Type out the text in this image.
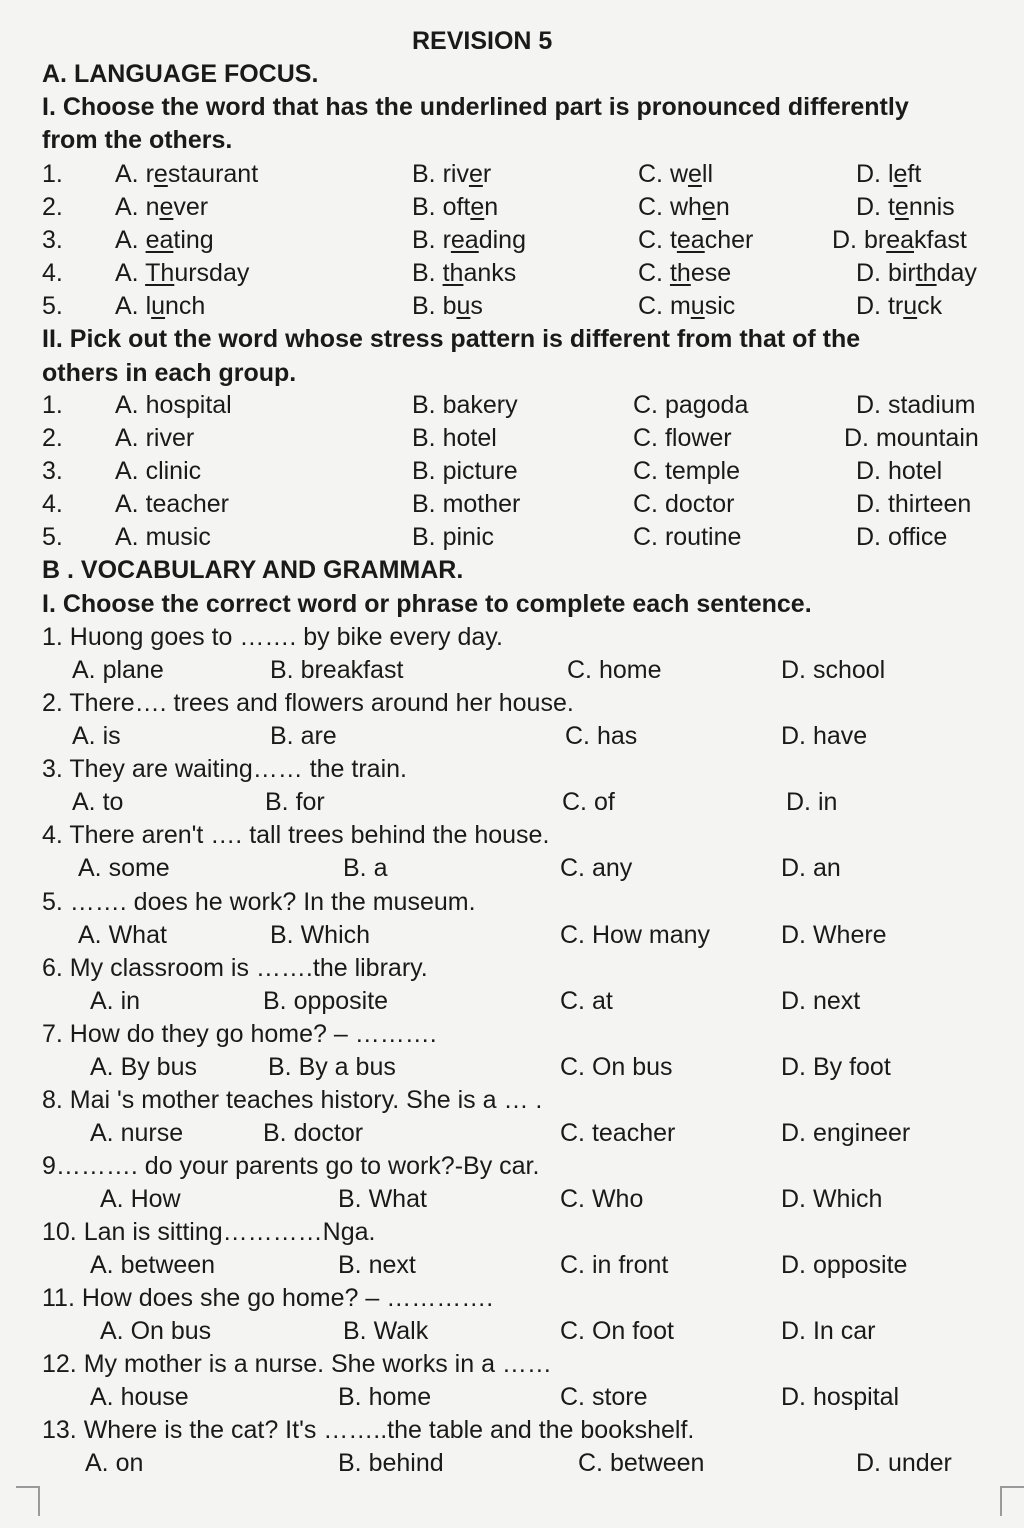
REVISION 5
A. LANGUAGE FOCUS.
I. Choose the word that has the underlined part is pronounced differently
from the others.
1. A. restaurant	B. river	C. well	D. left
2. A. never	B. often	C. when	D. tennis
3. A. eating	B. reading	C. teacher	D. breakfast
4. A. Thursday	B. thanks	C. these	D. birthday
5. A. lunch	B. bus	C. music	D. truck
II. Pick out the word whose stress pattern is different from that of the
others in each group.
1. A. hospital	B. bakery	C. pagoda	D. stadium
2. A. river	B. hotel	C. flower	D. mountain
3. A. clinic	B. picture	C. temple	D. hotel
4. A. teacher	B. mother	C. doctor	D. thirteen
5. A. music	B. pinic	C. routine	D. office
B . VOCABULARY AND GRAMMAR.
I. Choose the correct word or phrase to complete each sentence.
1. Huong goes to ……. by bike every day.
A. plane	B. breakfast	C. home	D. school
2. There…. trees and flowers around her house.
A. is	B. are	C. has	D. have
3. They are waiting…… the train.
A. to	B. for	C. of	D. in
4. There aren't …. tall trees behind the house.
A. some	B. a	C. any	D. an
5. ……. does he work? In the museum.
A. What	B. Which	C. How many	D. Where
6. My classroom is …….the library.
A. in	B. opposite	C. at	D. next
7. How do they go home? – ……….
A. By bus	B. By a bus	C. On bus	D. By foot
8. Mai 's mother teaches history. She is a … .
A. nurse	B. doctor	C. teacher	D. engineer
9………. do your parents go to work?-By car.
A. How	B. What	C. Who	D. Which
10. Lan is sitting…………Nga.
A. between	B. next	C. in front	D. opposite
11. How does she go home? – ………….
A. On bus	B. Walk	C. On foot	D. In car
12. My mother is a nurse. She works in a ……
A. house	B. home	C. store	D. hospital
13. Where is the cat? It's ……..the table and the bookshelf.
A. on	B. behind	C. between	D. under
